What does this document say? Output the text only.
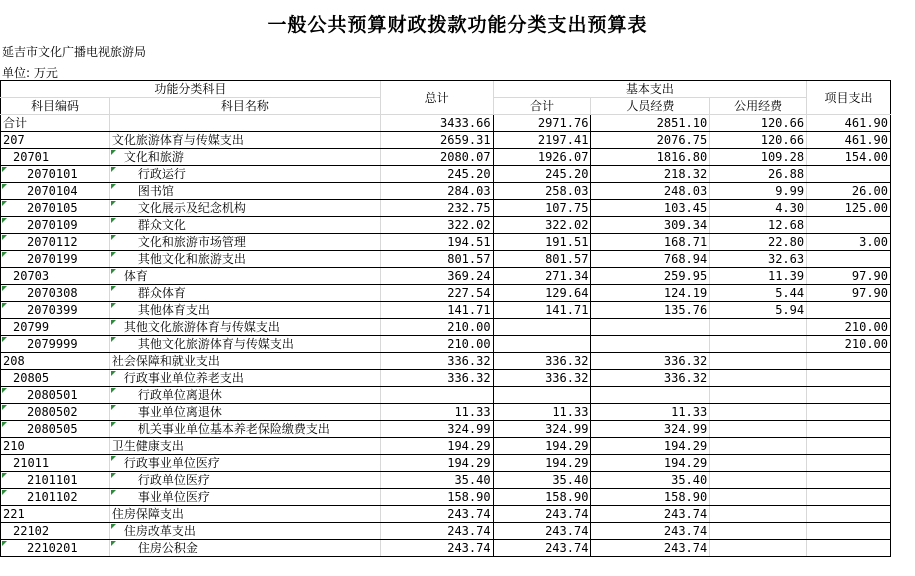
一般公共预算财政拨款功能分类支出预算表
延吉市文化广播电视旅游局
单位: 万元
功能分类科目		总计	基本支出			项目支出	
科目编码	科目名称		合计	人员经费	公用经费		
合计		3433.66	2971.76	2851.10	120.66	461.90	
207	文化旅游体育与传媒支出	2659.31	2197.41	2076.75	120.66	461.90	
20701	文化和旅游	2080.07	1926.07	1816.80	109.28	154.00	
2070101	行政运行	245.20	245.20	218.32	26.88		
2070104	图书馆	284.03	258.03	248.03	9.99	26.00	
2070105	文化展示及纪念机构	232.75	107.75	103.45	4.30	125.00	
2070109	群众文化	322.02	322.02	309.34	12.68		
2070112	文化和旅游市场管理	194.51	191.51	168.71	22.80	3.00	
2070199	其他文化和旅游支出	801.57	801.57	768.94	32.63		
20703	体育	369.24	271.34	259.95	11.39	97.90	
2070308	群众体育	227.54	129.64	124.19	5.44	97.90	
2070399	其他体育支出	141.71	141.71	135.76	5.94		
20799	其他文化旅游体育与传媒支出	210.00				210.00	
2079999	其他文化旅游体育与传媒支出	210.00				210.00	
208	社会保障和就业支出	336.32	336.32	336.32			
20805	行政事业单位养老支出	336.32	336.32	336.32			
2080501	行政单位离退休						
2080502	事业单位离退休	11.33	11.33	11.33			
2080505	机关事业单位基本养老保险缴费支出	324.99	324.99	324.99			
210	卫生健康支出	194.29	194.29	194.29			
21011	行政事业单位医疗	194.29	194.29	194.29			
2101101	行政单位医疗	35.40	35.40	35.40			
2101102	事业单位医疗	158.90	158.90	158.90			
221	住房保障支出	243.74	243.74	243.74			
22102	住房改革支出	243.74	243.74	243.74			
2210201	住房公积金	243.74	243.74	243.74			
